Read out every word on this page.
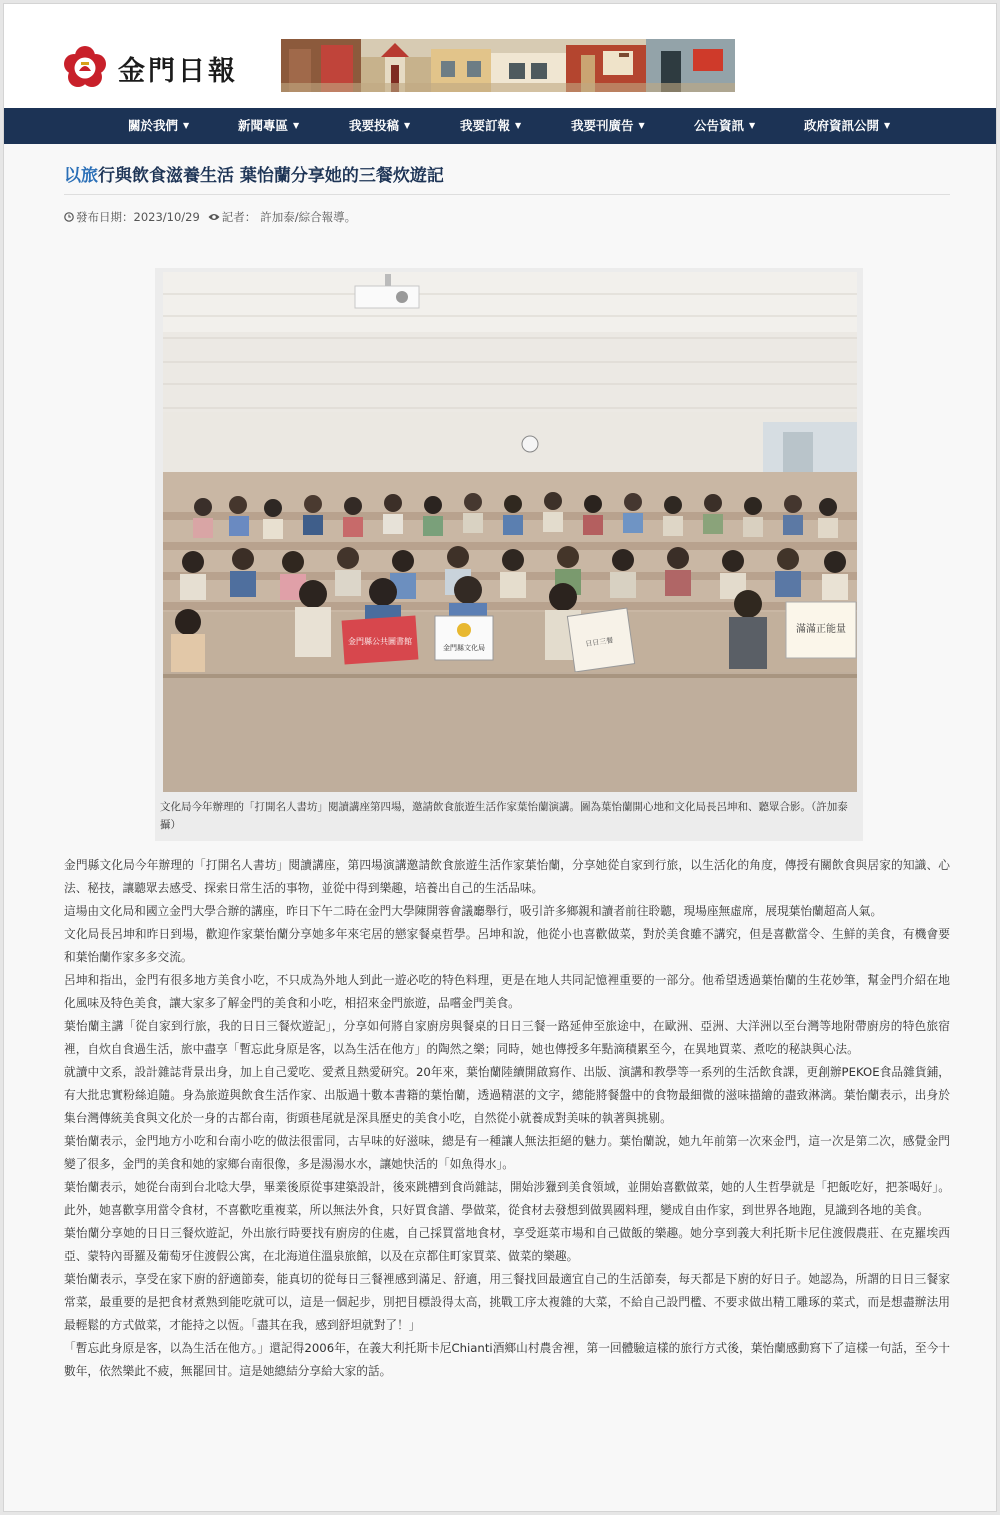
金門日報
關於我們 ▼	新聞專區 ▼	我要投稿 ▼	我要訂報 ▼	我要刊廣告 ▼	公告資訊 ▼	政府資訊公開 ▼
以旅行與飲食滋養生活 葉怡蘭分享她的三餐炊遊記
發布日期：2023/10/29 記者： 許加泰/綜合報導。
金門縣公共圖書館
金門縣文化局	日日三餐
滿滿正能量

文化局今年辦理的「打開名人書坊」閱讀講座第四場，邀請飲食旅遊生活作家葉怡蘭演講。圖為葉怡蘭開心地和文化局長呂坤和、聽眾合影。（許加泰攝）

金門縣文化局今年辦理的「打開名人書坊」閱讀講座，第四場演講邀請飲食旅遊生活作家葉怡蘭，分享她從自家到行旅，以生活化的角度，傳授有關飲食與居家的知識、心法、秘技，讓聽眾去感受、探索日常生活的事物，並從中得到樂趣，培養出自己的生活品味。

這場由文化局和國立金門大學合辦的講座，昨日下午二時在金門大學陳開蓉會議廳舉行，吸引許多鄉親和讀者前往聆聽，現場座無虛席，展現葉怡蘭超高人氣。

文化局長呂坤和昨日到場，歡迎作家葉怡蘭分享她多年來宅居的戀家餐桌哲學。呂坤和說，他從小也喜歡做菜，對於美食雖不講究，但是喜歡當令、生鮮的美食，有機會要和葉怡蘭作家多多交流。

呂坤和指出，金門有很多地方美食小吃，不只成為外地人到此一遊必吃的特色料理，更是在地人共同記憶裡重要的一部分。他希望透過葉怡蘭的生花妙筆，幫金門介紹在地化風味及特色美食，讓大家多了解金門的美食和小吃，相招來金門旅遊，品嚐金門美食。

葉怡蘭主講「從自家到行旅，我的日日三餐炊遊記」，分享如何將自家廚房與餐桌的日日三餐一路延伸至旅途中，在歐洲、亞洲、大洋洲以至台灣等地附帶廚房的特色旅宿裡，自炊自食過生活，旅中盡享「暫忘此身原是客，以為生活在他方」的陶然之樂；同時，她也傳授多年點滴積累至今，在異地買菜、煮吃的秘訣與心法。

就讀中文系，設計雜誌背景出身，加上自己愛吃、愛煮且熱愛研究。20年來，葉怡蘭陸續開啟寫作、出版、演講和教學等一系列的生活飲食課，更創辦PEKOE食品雜貨鋪，有大批忠實粉絲追隨。身為旅遊與飲食生活作家、出版過十數本書籍的葉怡蘭，透過精湛的文字，總能將餐盤中的食物最細微的滋味描繪的盡致淋漓。葉怡蘭表示，出身於集台灣傳統美食與文化於一身的古都台南，街頭巷尾就是深具歷史的美食小吃，自然從小就養成對美味的執著與挑剔。

葉怡蘭表示，金門地方小吃和台南小吃的做法很雷同，古早味的好滋味，總是有一種讓人無法拒絕的魅力。葉怡蘭說，她九年前第一次來金門，這一次是第二次，感覺金門變了很多，金門的美食和她的家鄉台南很像，多是湯湯水水，讓她快活的「如魚得水」。

葉怡蘭表示，她從台南到台北唸大學，畢業後原從事建築設計，後來跳槽到食尚雜誌，開始涉獵到美食領域，並開始喜歡做菜，她的人生哲學就是「把飯吃好，把茶喝好」。此外，她喜歡享用當令食材，不喜歡吃重複菜，所以無法外食，只好買食譜、學做菜，從食材去發想到做異國料理，變成自由作家，到世界各地跑，見識到各地的美食。

葉怡蘭分享她的日日三餐炊遊記，外出旅行時要找有廚房的住處，自己採買當地食材，享受逛菜市場和自己做飯的樂趣。她分享到義大利托斯卡尼住渡假農莊、在克羅埃西亞、蒙特內哥羅及葡萄牙住渡假公寓，在北海道住溫泉旅館，以及在京都住町家買菜、做菜的樂趣。

葉怡蘭表示，享受在家下廚的舒適節奏，能真切的從每日三餐裡感到滿足、舒適，用三餐找回最適宜自己的生活節奏，每天都是下廚的好日子。她認為，所謂的日日三餐家常菜，最重要的是把食材煮熟到能吃就可以，這是一個起步，別把目標設得太高，挑戰工序太複雜的大菜，不給自己設門檻、不要求做出精工雕琢的菜式，而是想盡辦法用最輕鬆的方式做菜，才能持之以恆。「盡其在我，感到舒坦就對了！」

「暫忘此身原是客，以為生活在他方。」還記得2006年，在義大利托斯卡尼Chianti酒鄉山村農舍裡，第一回體驗這樣的旅行方式後，葉怡蘭感動寫下了這樣一句話，至今十數年，依然樂此不疲，無罷回甘。這是她總結分享給大家的話。
